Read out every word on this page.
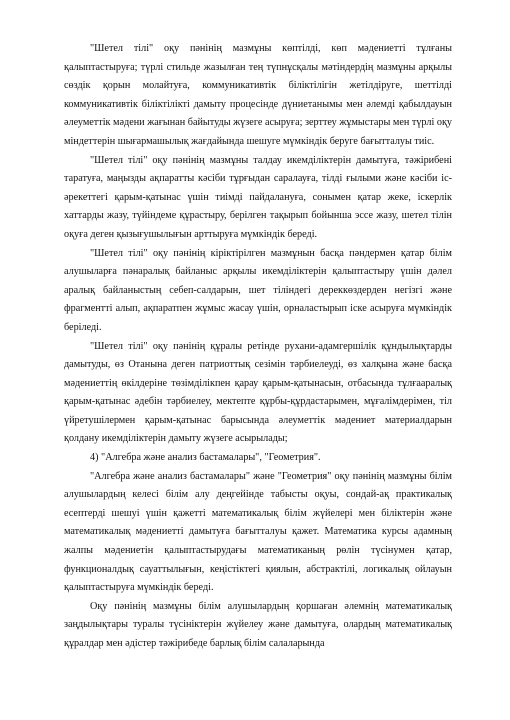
"Шетел тілі" оқу пәнінің мазмұны көптілді, көп мәдениетті тұлғаны қалыптастыруға; түрлі стильде жазылған тең түпнұсқалы мәтіндердің мазмұны арқылы сөздік қорын молайтуға, коммуникативтік біліктілігін жетілдіруге, шеттілді коммуникативтік біліктілікті дамыту процесінде дүниетанымы мен әлемді қабылдауын әлеуметтік мәдени жағынан байытуды жүзеге асыруға; зерттеу жұмыстары мен түрлі оқу міндеттерін шығармашылық жағдайында шешуге мүмкіндік беруге бағытталуы тиіс.

"Шетел тілі" оқу пәнінің мазмұны талдау икемділіктерін дамытуға, тәжірибені таратуға, маңызды ақпаратты кәсіби тұрғыдан саралауға, тілді ғылыми және кәсіби іс-әрекеттегі қарым-қатынас үшін тиімді пайдалануға, сонымен қатар жеке, іскерлік хаттарды жазу, түйіндеме құрастыру, берілген тақырып бойынша эссе жазу, шетел тілін оқуға деген қызығушылығын арттыруға мүмкіндік береді.

"Шетел тілі" оқу пәнінің кіріктірілген мазмұнын басқа пәндермен қатар білім алушыларға пәнаралық байланыс арқылы икемділіктерін қалыптастыру үшін дәлел аралық байланыстың себеп-салдарын, шет тіліндегі дереккөздерден негізгі және фрагментті алып, ақпаратпен жұмыс жасау үшін, орналастырып іске асыруға мүмкіндік беріледі.

"Шетел тілі" оқу пәнінің құралы ретінде рухани-адамгершілік құндылықтарды дамытуды, өз Отанына деген патриоттық сезімін тәрбиелеуді, өз халқына және басқа мәдениеттің өкілдеріне төзімділікпен қарау қарым-қатынасын, отбасында тұлғааралық қарым-қатынас әдебін тәрбиелеу, мектепте құрбы-құрдастарымен, мұғалімдерімен, тіл үйретушілермен қарым-қатынас барысында әлеуметтік мәдениет материалдарын қолдану икемділіктерін дамыту жүзеге асырылады;

4) "Алгебра және анализ бастамалары", "Геометрия".

"Алгебра және анализ бастамалары" және "Геометрия" оқу пәнінің мазмұны білім алушылардың келесі білім алу деңгейінде табысты оқуы, сондай-ақ практикалық есептерді шешуі үшін қажетті математикалық білім жүйелері мен біліктерін және математикалық мәдениетті дамытуға бағытталуы қажет. Математика курсы адамның жалпы мәдениетін қалыптастырудағы математиканың рөлін түсінумен қатар, функционалдық сауаттылығын, кеңістіктегі қиялын, абстрактілі, логикалық ойлауын қалыптастыруға мүмкіндік береді.

Оқу пәнінің мазмұны білім алушылардың қоршаған әлемнің математикалық заңдылықтары туралы түсініктерін жүйелеу және дамытуға, олардың математикалық құралдар мен әдістер тәжірибеде барлық білім салаларында
